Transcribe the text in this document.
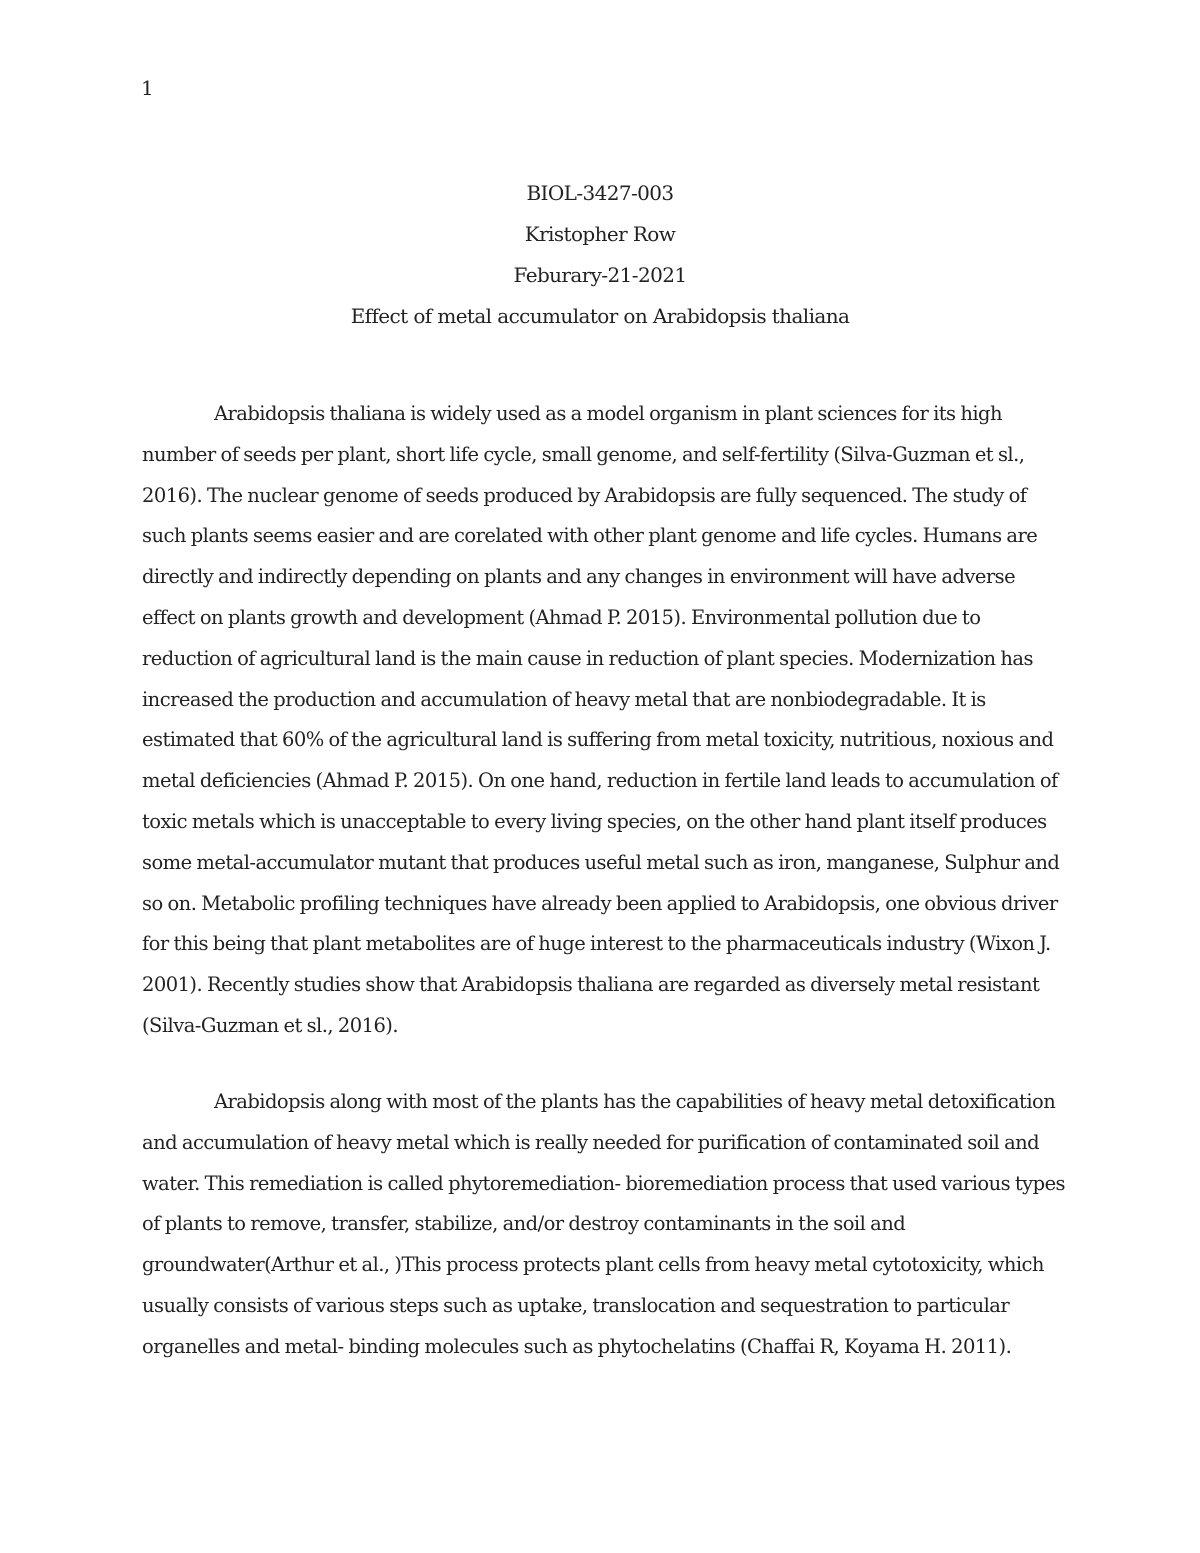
1
BIOL-3427-003
Kristopher Row
Feburary-21-2021
Effect of metal accumulator on Arabidopsis thaliana

Arabidopsis thaliana is widely used as a model organism in plant sciences for its high number of seeds per plant, short life cycle, small genome, and self-fertility (Silva-Guzman et sl., 2016). The nuclear genome of seeds produced by Arabidopsis are fully sequenced. The study of such plants seems easier and are corelated with other plant genome and life cycles. Humans are directly and indirectly depending on plants and any changes in environment will have adverse effect on plants growth and development (Ahmad P. 2015). Environmental pollution due to reduction of agricultural land is the main cause in reduction of plant species. Modernization has increased the production and accumulation of heavy metal that are nonbiodegradable. It is estimated that 60% of the agricultural land is suffering from metal toxicity, nutritious, noxious and metal deficiencies (Ahmad P. 2015). On one hand, reduction in fertile land leads to accumulation of toxic metals which is unacceptable to every living species, on the other hand plant itself produces some metal-accumulator mutant that produces useful metal such as iron, manganese, Sulphur and so on. Metabolic profiling techniques have already been applied to Arabidopsis, one obvious driver for this being that plant metabolites are of huge interest to the pharmaceuticals industry (Wixon J. 2001). Recently studies show that Arabidopsis thaliana are regarded as diversely metal resistant (Silva-Guzman et sl., 2016).

Arabidopsis along with most of the plants has the capabilities of heavy metal detoxification and accumulation of heavy metal which is really needed for purification of contaminated soil and water. This remediation is called phytoremediation- bioremediation process that used various types of plants to remove, transfer, stabilize, and/or destroy contaminants in the soil and groundwater(Arthur et al., )This process protects plant cells from heavy metal cytotoxicity, which usually consists of various steps such as uptake, translocation and sequestration to particular organelles and metal- binding molecules such as phytochelatins (Chaffai R, Koyama H. 2011).
